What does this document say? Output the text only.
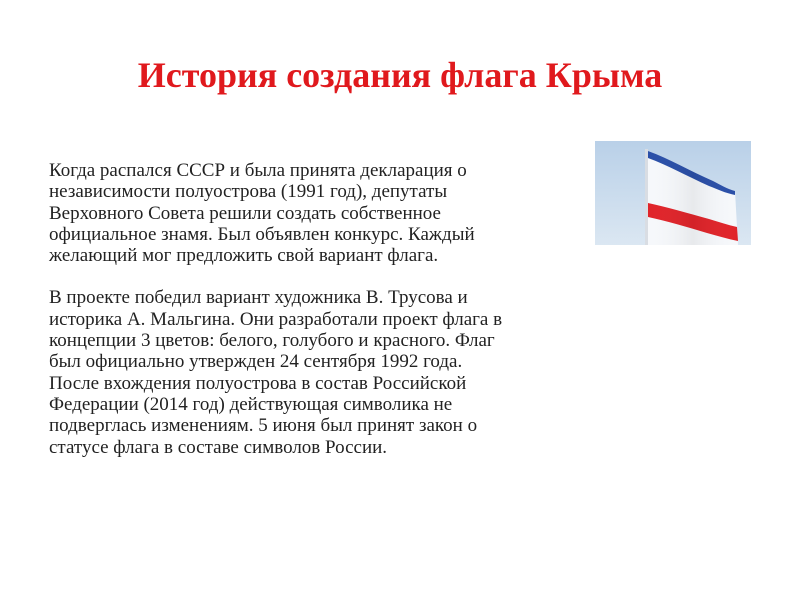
История создания флага Крыма

Когда распался СССР и была принята декларация о
независимости полуострова (1991 год), депутаты
Верховного Совета решили создать собственное
официальное знамя. Был объявлен конкурс. Каждый
желающий мог предложить свой вариант флага.

В проекте победил вариант художника В. Трусова и
историка А. Мальгина. Они разработали проект флага в
концепции 3 цветов: белого, голубого и красного. Флаг
был официально утвержден 24 сентября 1992 года.
После вхождения полуострова в состав Российской
Федерации (2014 год) действующая символика не
подверглась изменениям. 5 июня был принят закон о
статусе флага в составе символов России.
